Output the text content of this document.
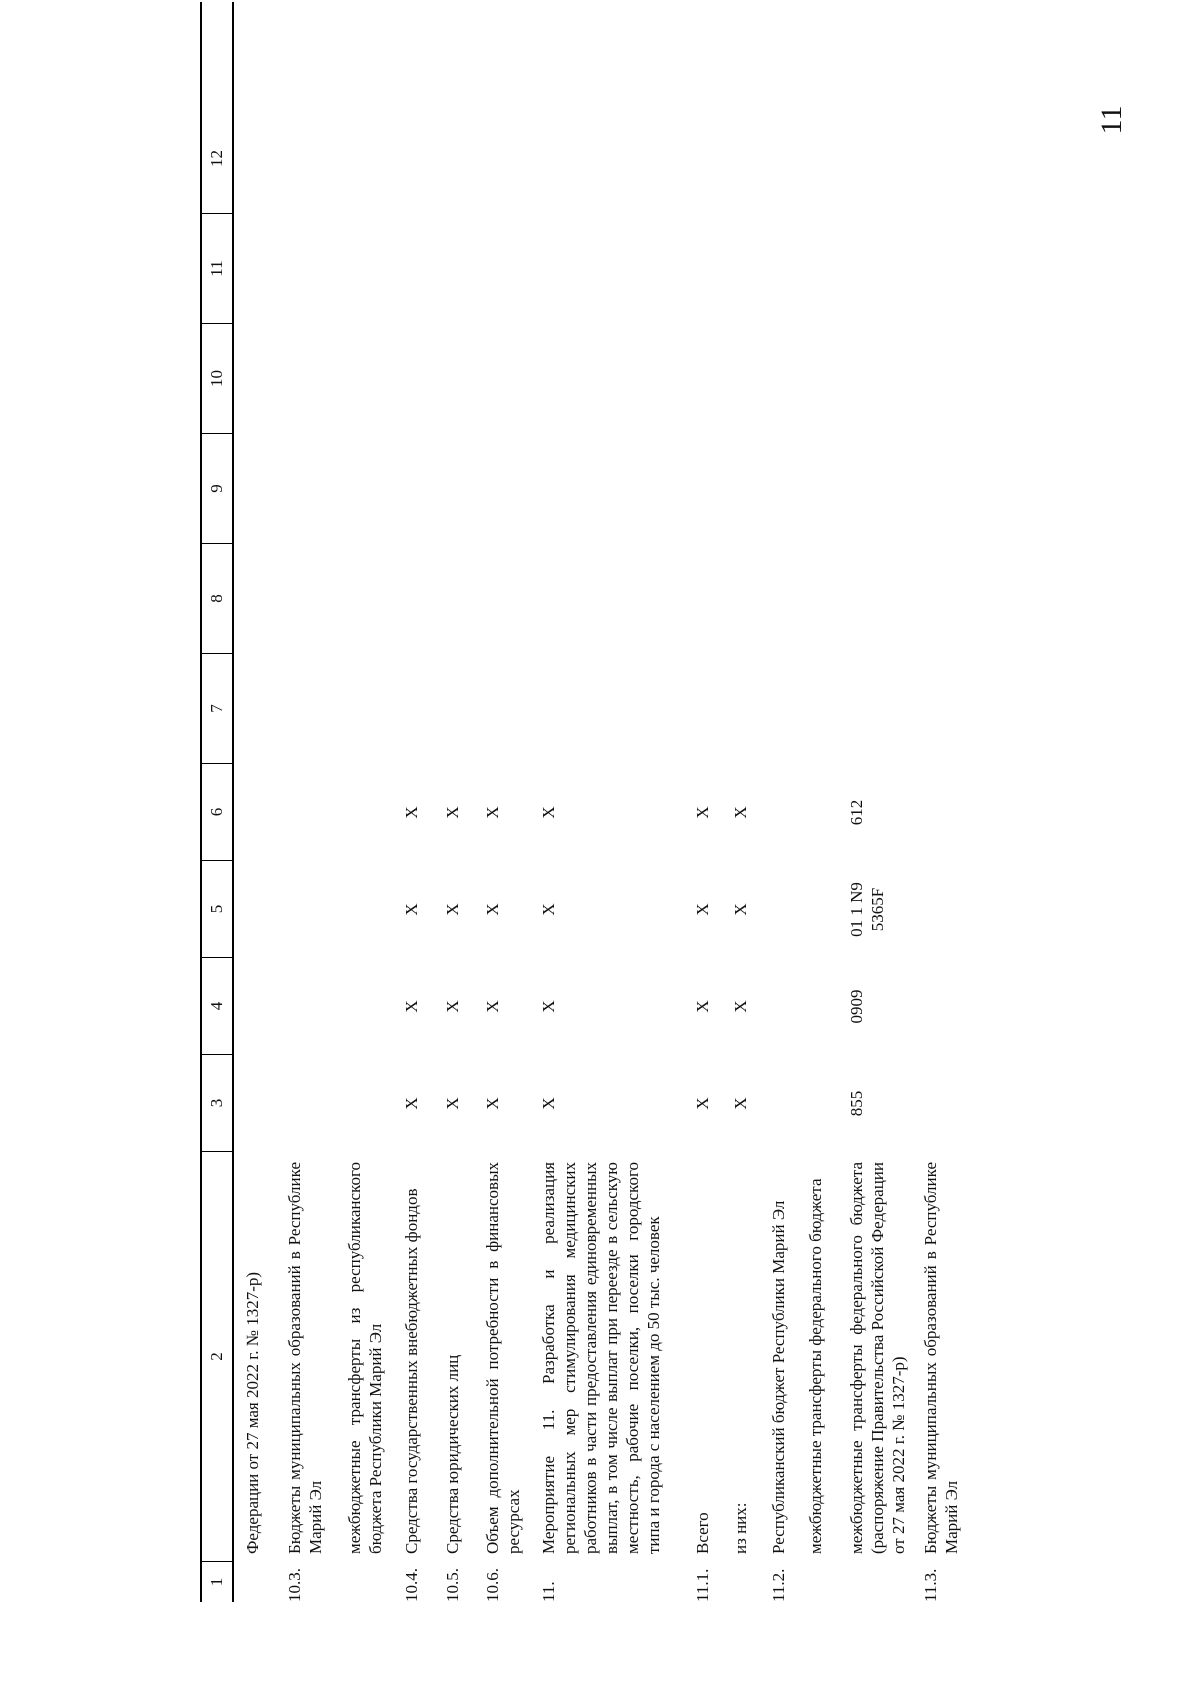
11
1
2
3
4
5
6
7
8
9
10
11
12
Федерации от 27 мая 2022 г. № 1327-р)
10.3.
Бюджеты муниципальных образований в Республике Марий Эл межбюджетные трансферты из республиканского бюджета Республики Марий Эл
10.4.
Средства государственных внебюджетных фондов
X
X
X
X
10.5.
Средства юридических лиц
X
X
X
X
10.6.
Объем дополнительной потребности в финансовых ресурсах
X
X
X
X
11.
Мероприятие 11. Разработка и реализация региональных мер стимулирования медицинских работников в части предоставления единовременных выплат, в том числе выплат при переезде в сельскую местность, рабочие поселки, поселки городского типа и города с населением до 50 тыс. человек
X
X
X
X
11.1.
Всего
X
X
X
X
из них:
X
X
X
X
11.2.
Республиканский бюджет Республики Марий Эл межбюджетные трансферты федерального бюджета межбюджетные трансферты федерального бюджета (распоряжение Правительства Российской Федерации от 27 мая 2022 г. № 1327-р)
855
0909
01 1 N9 5365F
612
11.3.
Бюджеты муниципальных образований в Республике Марий Эл
